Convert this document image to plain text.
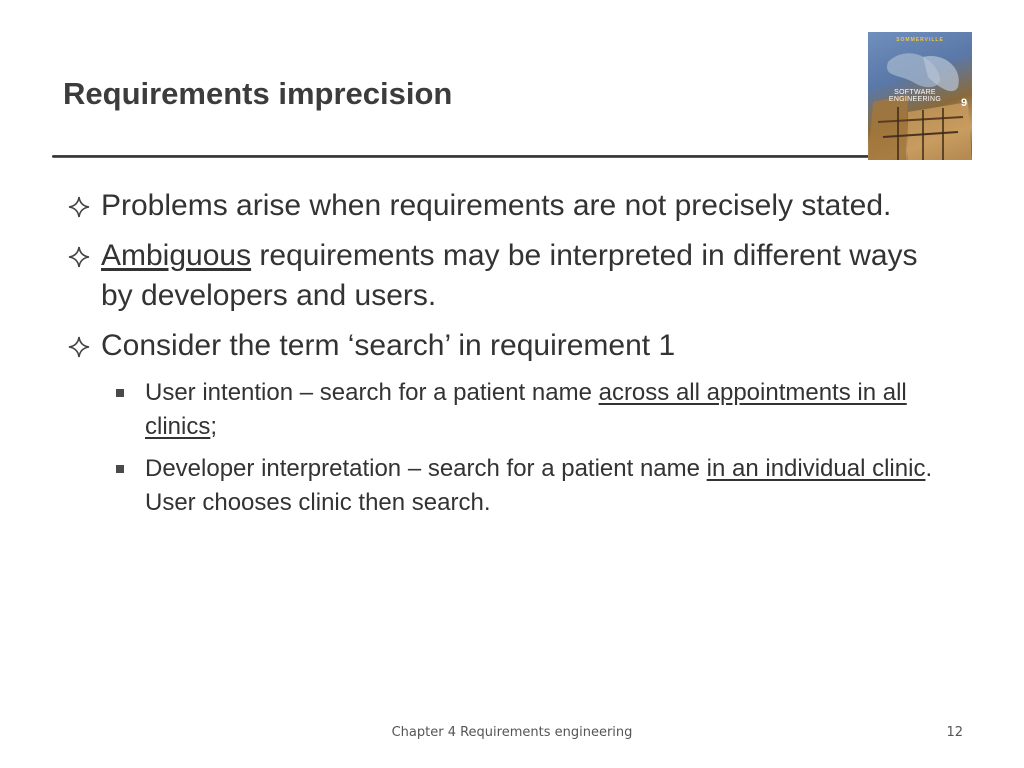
Requirements imprecision
SOMMERVILLE
SOFTWARE ENGINEERING	9
Problems arise when requirements are not precisely stated.
Ambiguous requirements may be interpreted in different ways by developers and users.
Consider the term ‘search’ in requirement 1
User intention – search for a patient name across all appointments in all clinics;
Developer interpretation – search for a patient name in an individual clinic. User chooses clinic then search.
Chapter 4 Requirements engineering	12
